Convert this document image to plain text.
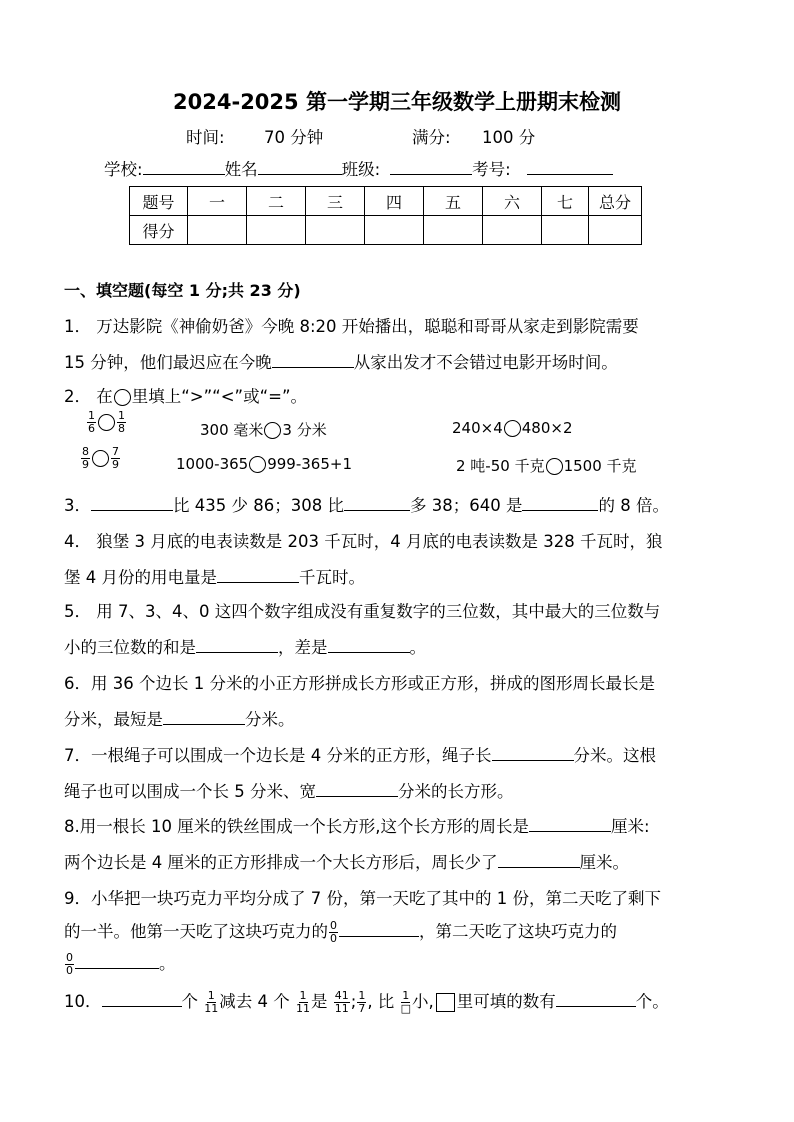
2024-2025 第一学期三年级数学上册期末检测
时间: 70 分钟	满分: 100 分
学校:	姓名	班级:	考号:
题号	一	二	三	四	五	六	七	总分
得分								
一、填空题(每空 1 分;共 23 分)
1． 万达影院《神偷奶爸》今晚 8:20 开始播出，聪聪和哥哥从家走到影院需要
15 分钟，他们最迟应在今晚	从家出发才不会错过电影开场时间。
2． 在 里填上“>”“<”或“=”。
$\frac{1}{6} \frac{1}{8}$	300 毫米 3 分米	240×4 480×2
$\frac{8}{9} \frac{7}{9}$	1000-365 999-365+1	2 吨-50 千克 1500 千克
3．	比 435 少 86；308 比	多 38；640 是	的 8 倍。
4． 狼堡 3 月底的电表读数是 203 千瓦时，4 月底的电表读数是 328 千瓦时，狼
堡 4 月份的用电量是	千瓦时。
5． 用 7、3、4、0 这四个数字组成没有重复数字的三位数，其中最大的三位数与
小的三位数的和是	，差是	。
6．用 36 个边长 1 分米的小正方形拼成长方形或正方形，拼成的图形周长最长是
分米，最短是	分米。
7．一根绳子可以围成一个边长是 4 分米的正方形，绳子长	分米。这根
绳子也可以围成一个长 5 分米、宽	分米的长方形。
8.用一根长 10 厘米的铁丝围成一个长方形,这个长方形的周长是	厘米:
两个边长是 4 厘米的正方形排成一个大长方形后，周长少了	厘米。
9．小华把一块巧克力平均分成了 7 份，第一天吃了其中的 1 份，第二天吃了剩下
的一半。他第一天吃了这块巧克力的 $\frac{0}{0}$	，第二天吃了这块巧克力的
$\frac{0}{0}$	。
10．	个 $\frac{1}{11}$ 减去 4 个 $\frac{1}{11}$ 是 $\frac{41}{11}$ ; $\frac{1}{7}$ , 比 $\frac{1}{□}$ 小, 里可填的数有	个。
